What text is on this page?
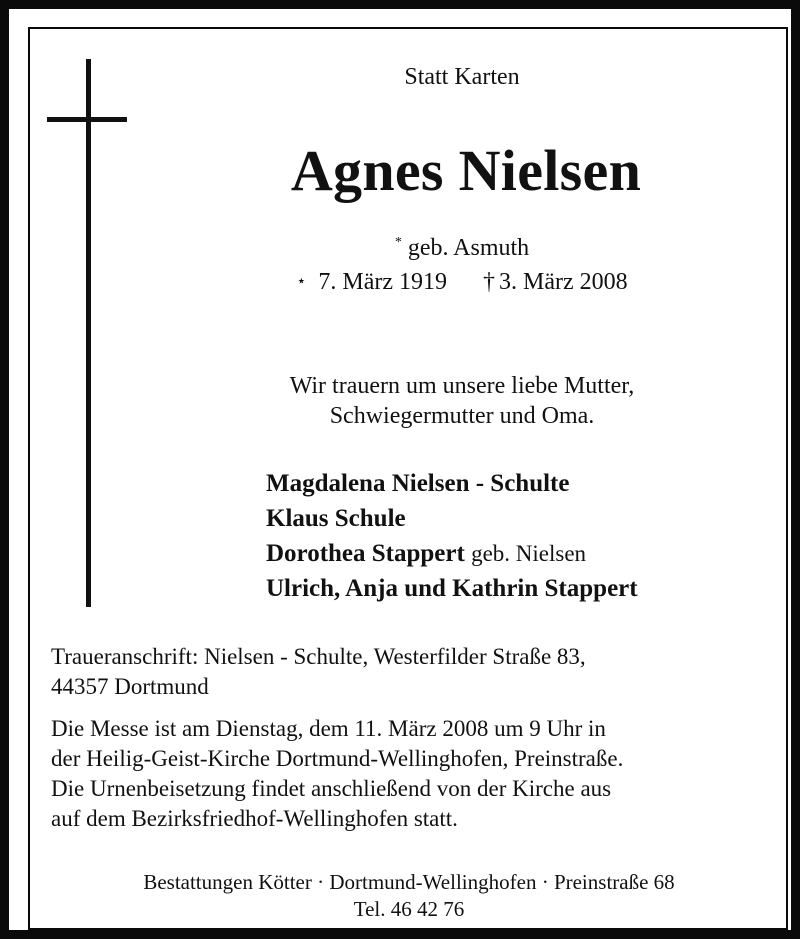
Statt Karten
Agnes Nielsen
* geb. Asmuth
⋆ 7. März 1919 † 3. März 2008
Wir trauern um unsere liebe Mutter,
Schwiegermutter und Oma.
Magdalena Nielsen - Schulte
Klaus Schule
Dorothea Stappert geb. Nielsen
Ulrich, Anja und Kathrin Stappert
Traueranschrift: Nielsen - Schulte, Westerfilder Straße 83,
44357 Dortmund
Die Messe ist am Dienstag, dem 11. März 2008 um 9 Uhr in
der Heilig-Geist-Kirche Dortmund-Wellinghofen, Preinstraße.
Die Urnenbeisetzung findet anschließend von der Kirche aus
auf dem Bezirksfriedhof-Wellinghofen statt.
Bestattungen Kötter · Dortmund-Wellinghofen · Preinstraße 68
Tel. 46 42 76
